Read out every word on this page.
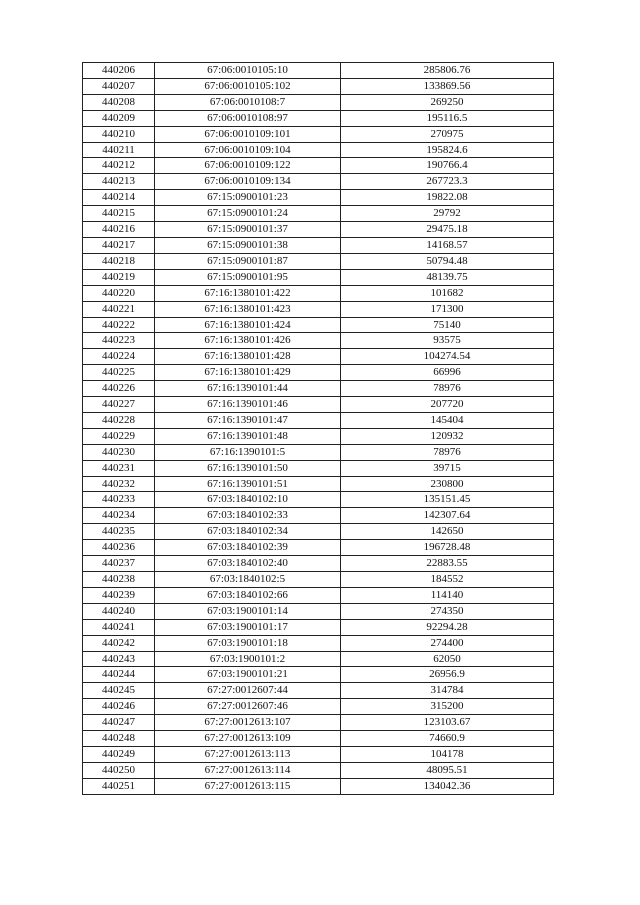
440206	67:06:0010105:10	285806.76
440207	67:06:0010105:102	133869.56
440208	67:06:0010108:7	269250
440209	67:06:0010108:97	195116.5
440210	67:06:0010109:101	270975
440211	67:06:0010109:104	195824.6
440212	67:06:0010109:122	190766.4
440213	67:06:0010109:134	267723.3
440214	67:15:0900101:23	19822.08
440215	67:15:0900101:24	29792
440216	67:15:0900101:37	29475.18
440217	67:15:0900101:38	14168.57
440218	67:15:0900101:87	50794.48
440219	67:15:0900101:95	48139.75
440220	67:16:1380101:422	101682
440221	67:16:1380101:423	171300
440222	67:16:1380101:424	75140
440223	67:16:1380101:426	93575
440224	67:16:1380101:428	104274.54
440225	67:16:1380101:429	66996
440226	67:16:1390101:44	78976
440227	67:16:1390101:46	207720
440228	67:16:1390101:47	145404
440229	67:16:1390101:48	120932
440230	67:16:1390101:5	78976
440231	67:16:1390101:50	39715
440232	67:16:1390101:51	230800
440233	67:03:1840102:10	135151.45
440234	67:03:1840102:33	142307.64
440235	67:03:1840102:34	142650
440236	67:03:1840102:39	196728.48
440237	67:03:1840102:40	22883.55
440238	67:03:1840102:5	184552
440239	67:03:1840102:66	114140
440240	67:03:1900101:14	274350
440241	67:03:1900101:17	92294.28
440242	67:03:1900101:18	274400
440243	67:03:1900101:2	62050
440244	67:03:1900101:21	26956.9
440245	67:27:0012607:44	314784
440246	67:27:0012607:46	315200
440247	67:27:0012613:107	123103.67
440248	67:27:0012613:109	74660.9
440249	67:27:0012613:113	104178
440250	67:27:0012613:114	48095.51
440251	67:27:0012613:115	134042.36
